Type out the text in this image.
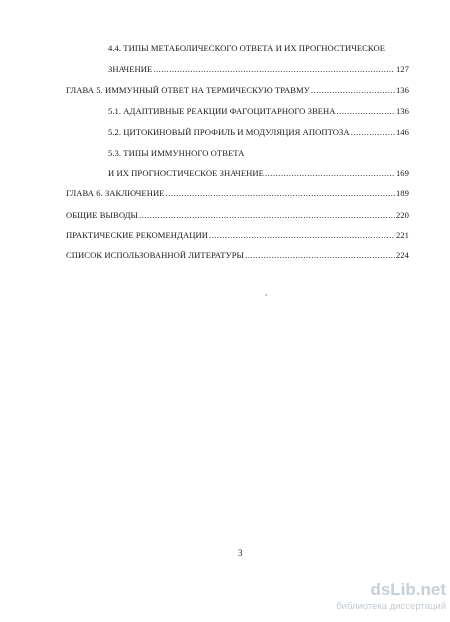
4.4. ТИПЫ МЕТАБОЛИЧЕСКОГО ОТВЕТА И ИХ ПРОГНОСТИЧЕСКОЕ
ЗНАЧЕНИЕ .....	127
ГЛАВА 5. ИММУННЫЙ ОТВЕТ НА ТЕРМИЧЕСКУЮ ТРАВМУ .....	136
5.1. АДАПТИВНЫЕ РЕАКЦИИ ФАГОЦИТАРНОГО ЗВЕНА .....	136
5.2. ЦИТОКИНОВЫЙ ПРОФИЛЬ И МОДУЛЯЦИЯ АПОПТОЗА .....	146
5.3. ТИПЫ ИММУННОГО ОТВЕТА
И ИХ ПРОГНОСТИЧЕСКОЕ ЗНАЧЕНИЕ .....	169
ГЛАВА 6. ЗАКЛЮЧЕНИЕ .....	189
ОБЩИЕ ВЫВОДЫ .....	220
ПРАКТИЧЕСКИЕ РЕКОМЕНДАЦИИ .....	221
СПИСОК ИСПОЛЬЗОВАННОЙ ЛИТЕРАТУРЫ .....	224
3
dsLib.net
библиотека диссертаций
